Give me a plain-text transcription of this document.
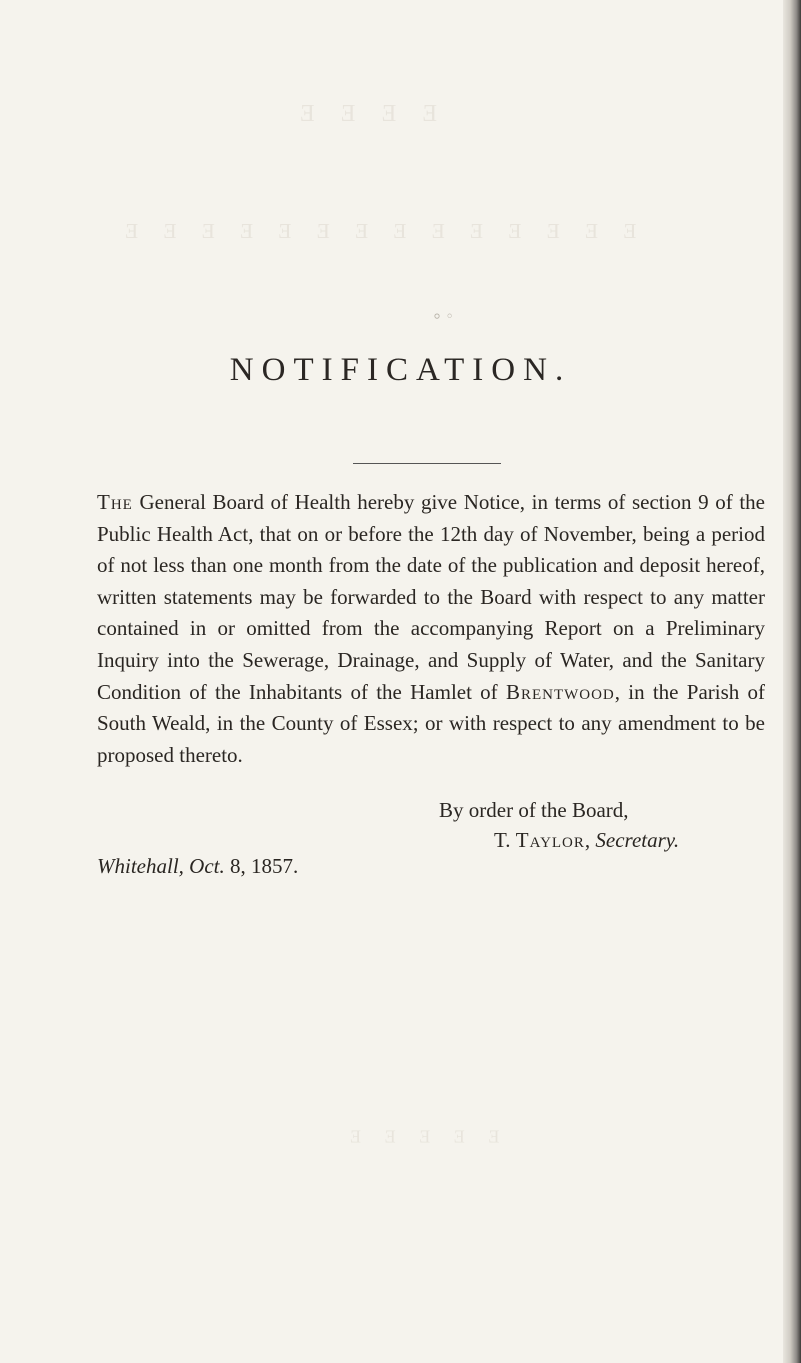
ᴲ ᴲ ᴲ ᴲ
ᴲ ᴲ ᴲ ᴲ ᴲ ᴲ ᴲ ᴲ ᴲ ᴲ ᴲ ᴲ ᴲ ᴲ
ᴲ ᴲ ᴲ ᴲ ᴲ
⸰ ◦
NOTIFICATION.
The General Board of Health hereby give Notice, in terms of section 9 of the Public Health Act, that on or before the 12th day of November, being a period of not less than one month from the date of the publication and deposit hereof, written statements may be forwarded to the Board with respect to any matter contained in or omitted from the accompanying Report on a Preliminary Inquiry into the Sewerage, Drainage, and Supply of Water, and the Sanitary Condition of the Inhabitants of the Hamlet of Brentwood, in the Parish of South Weald, in the County of Essex; or with respect to any amendment to be proposed thereto.
By order of the Board,
T. Taylor, Secretary.
Whitehall, Oct. 8, 1857.
